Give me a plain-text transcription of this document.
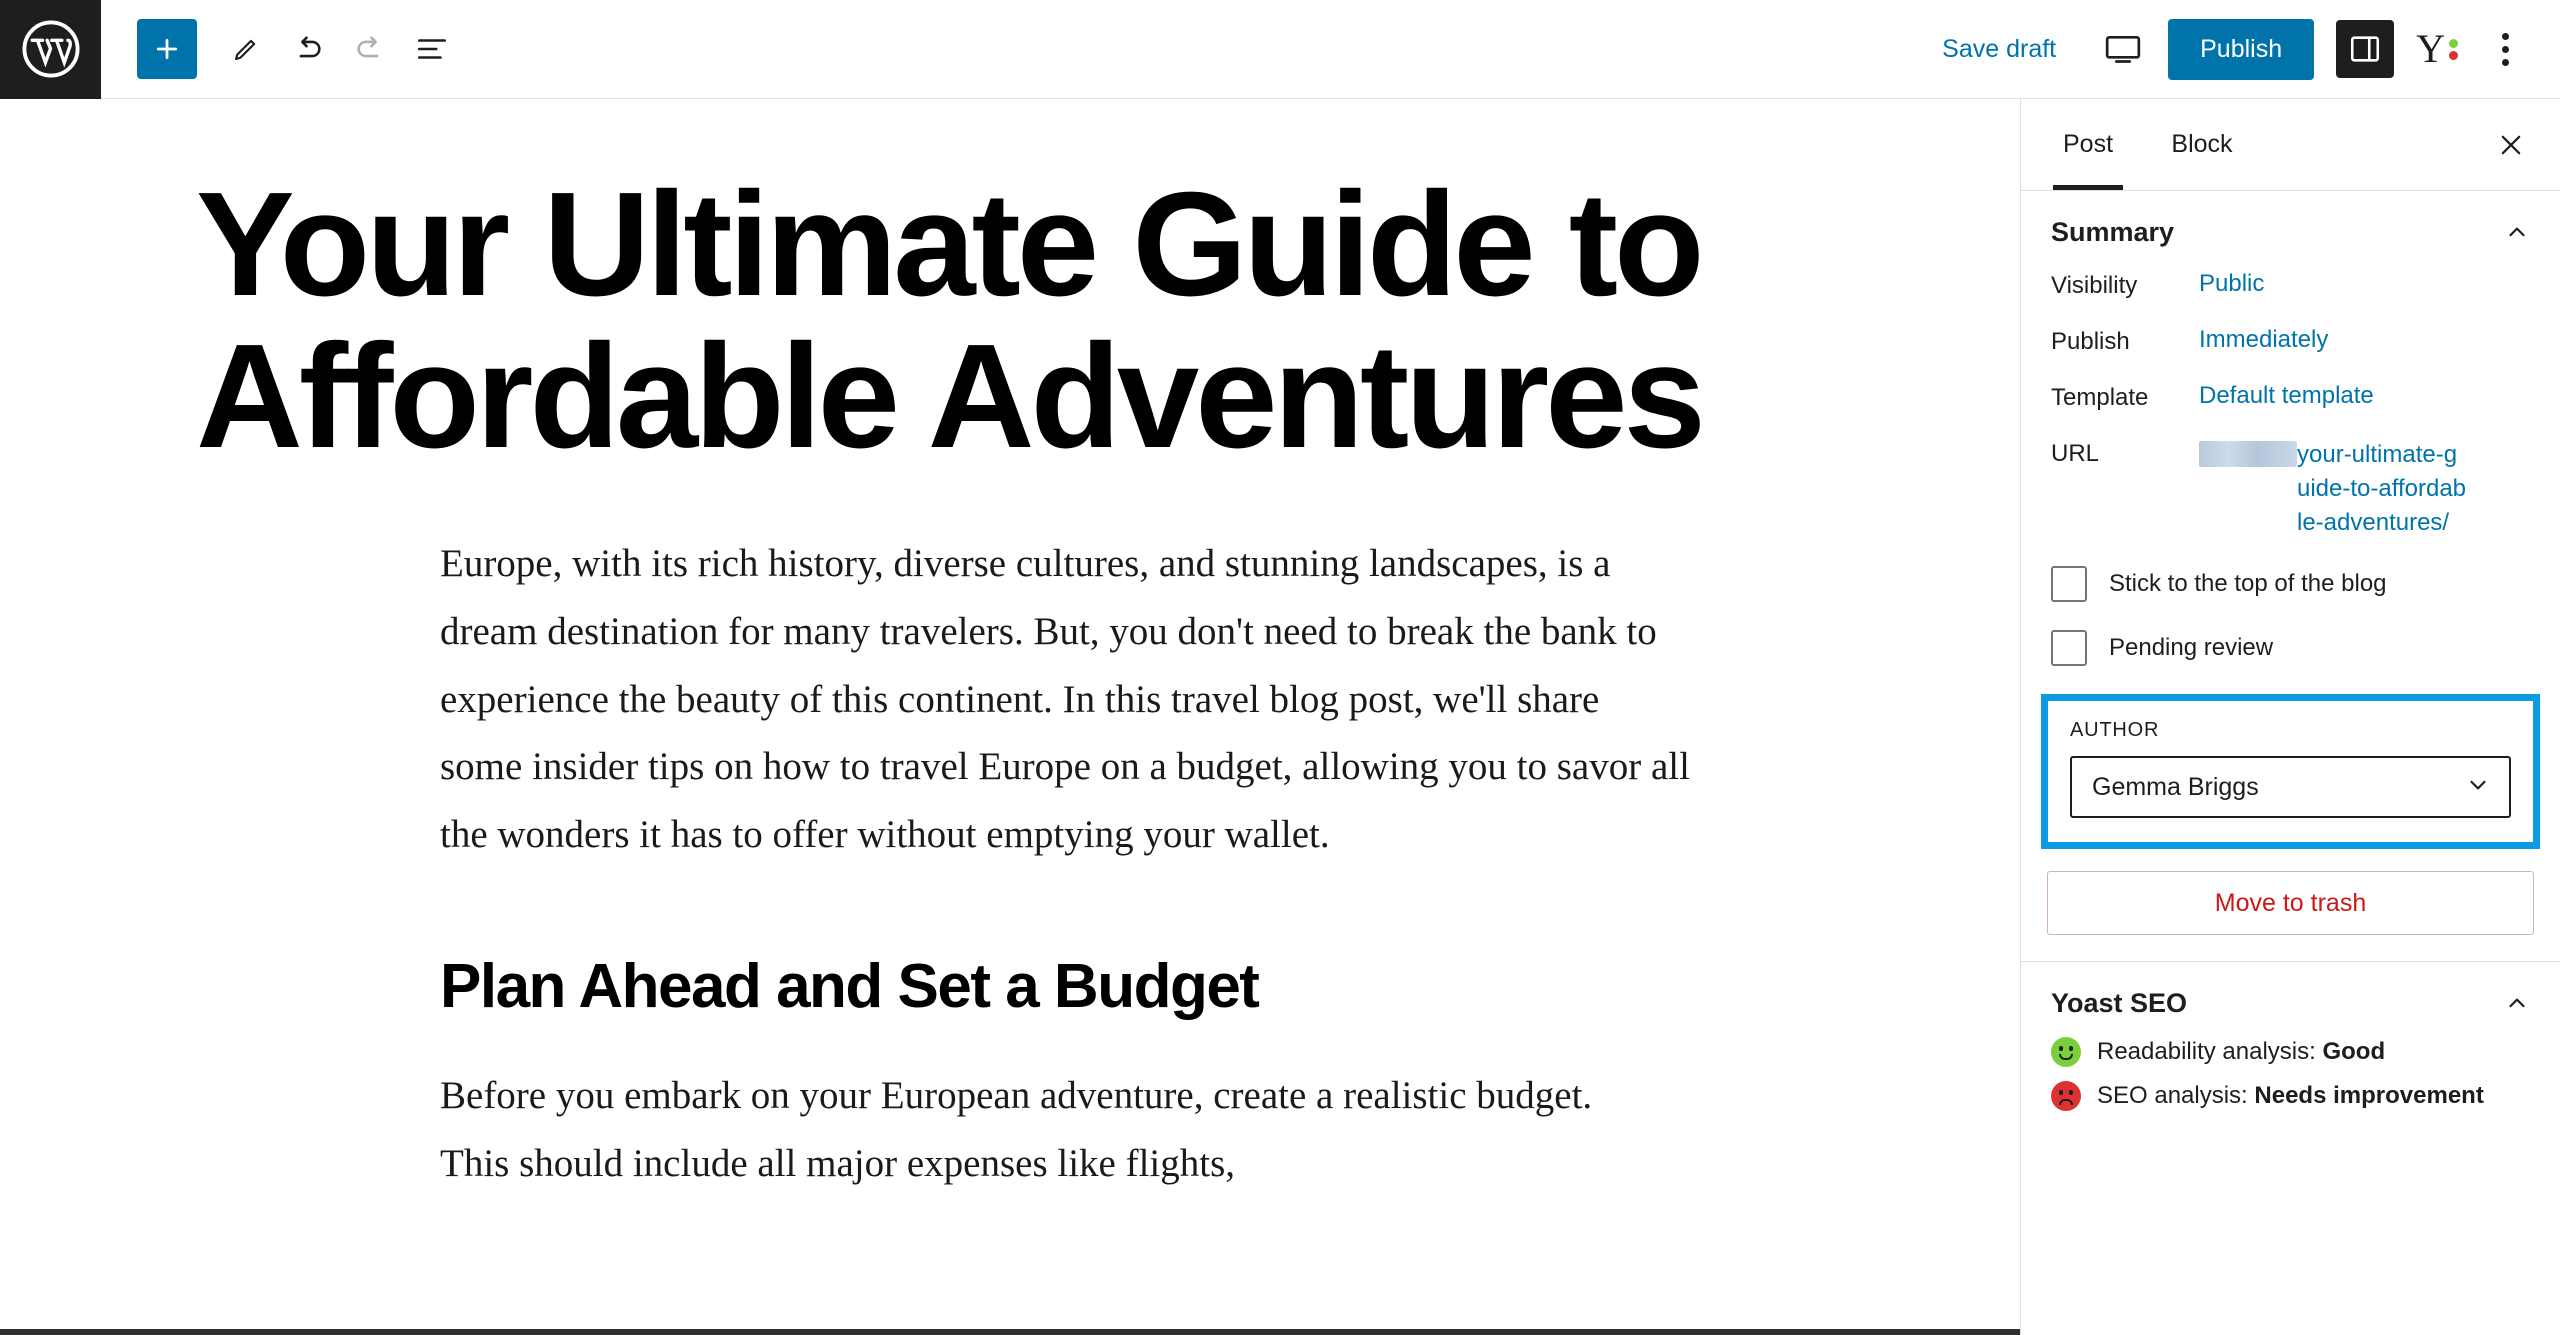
Save draft	Publish	Y
Your Ultimate Guide to Affordable Adventures

Europe, with its rich history, diverse cultures, and stunning landscapes, is a dream destination for many travelers. But, you don't need to break the bank to experience the beauty of this continent. In this travel blog post, we'll share some insider tips on how to travel Europe on a budget, allowing you to savor all the wonders it has to offer without emptying your wallet.

Plan Ahead and Set a Budget

Before you embark on your European adventure, create a realistic budget. This should include all major expenses like flights,

Post	Block
Summary
Visibility	Public
Publish	Immediately
Template	Default template
URL	your-ultimate-guide-to-affordable-adventures/
Stick to the top of the blog
Pending review
AUTHOR
Gemma Briggs
Move to trash
Yoast SEO
Readability analysis: Good
SEO analysis: Needs improvement
